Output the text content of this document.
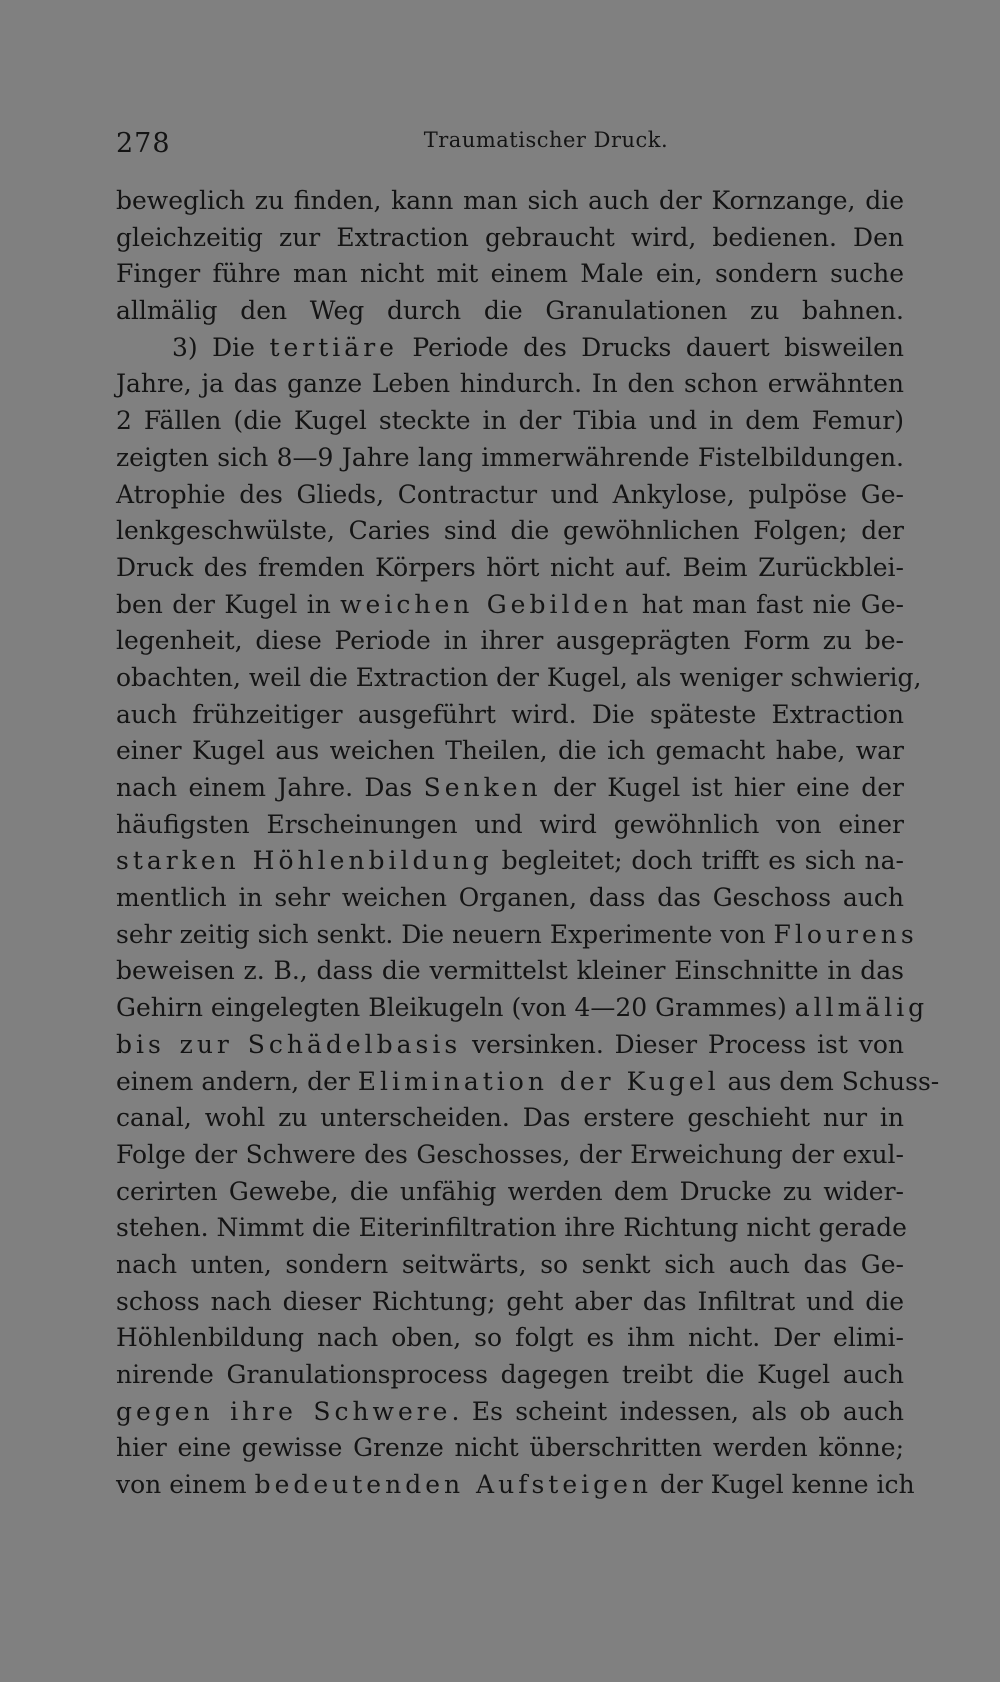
278	Traumatischer Druck.
beweglich zu finden, kann man sich auch der Kornzange, die
gleichzeitig zur Extraction gebraucht wird, bedienen. Den
Finger führe man nicht mit einem Male ein, sondern suche
allmälig den Weg durch die Granulationen zu bahnen.
3) Die tertiäre Periode des Drucks dauert bisweilen
Jahre, ja das ganze Leben hindurch. In den schon erwähnten
2 Fällen (die Kugel steckte in der Tibia und in dem Femur)
zeigten sich 8—9 Jahre lang immerwährende Fistelbildungen.
Atrophie des Glieds, Contractur und Ankylose, pulpöse Ge-
lenkgeschwülste, Caries sind die gewöhnlichen Folgen; der
Druck des fremden Körpers hört nicht auf. Beim Zurückblei-
ben der Kugel in weichen Gebilden hat man fast nie Ge-
legenheit, diese Periode in ihrer ausgeprägten Form zu be-
obachten, weil die Extraction der Kugel, als weniger schwierig,
auch frühzeitiger ausgeführt wird. Die späteste Extraction
einer Kugel aus weichen Theilen, die ich gemacht habe, war
nach einem Jahre. Das Senken der Kugel ist hier eine der
häufigsten Erscheinungen und wird gewöhnlich von einer
starken Höhlenbildung begleitet; doch trifft es sich na-
mentlich in sehr weichen Organen, dass das Geschoss auch
sehr zeitig sich senkt. Die neuern Experimente von Flourens
beweisen z. B., dass die vermittelst kleiner Einschnitte in das
Gehirn eingelegten Bleikugeln (von 4—20 Grammes) allmälig
bis zur Schädelbasis versinken. Dieser Process ist von
einem andern, der Elimination der Kugel aus dem Schuss-
canal, wohl zu unterscheiden. Das erstere geschieht nur in
Folge der Schwere des Geschosses, der Erweichung der exul-
cerirten Gewebe, die unfähig werden dem Drucke zu wider-
stehen. Nimmt die Eiterinfiltration ihre Richtung nicht gerade
nach unten, sondern seitwärts, so senkt sich auch das Ge-
schoss nach dieser Richtung; geht aber das Infiltrat und die
Höhlenbildung nach oben, so folgt es ihm nicht. Der elimi-
nirende Granulationsprocess dagegen treibt die Kugel auch
gegen ihre Schwere. Es scheint indessen, als ob auch
hier eine gewisse Grenze nicht überschritten werden könne;
von einem bedeutenden Aufsteigen der Kugel kenne ich
